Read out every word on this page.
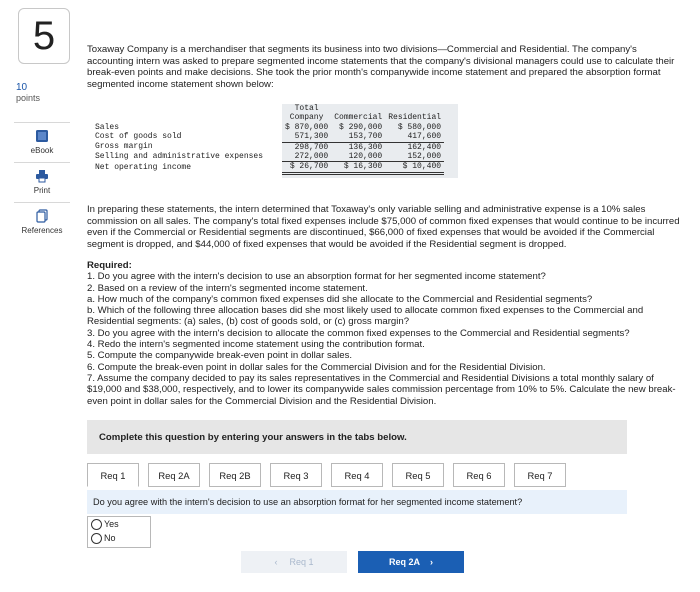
5
10
points
eBook
Print
References
Toxaway Company is a merchandiser that segments its business into two divisions—Commercial and Residential. The company's accounting intern was asked to prepare segmented income statements that the company's divisional managers could use to calculate their break-even points and make decisions. She took the prior month's companywide income statement and prepared the absorption format segmented income statement shown below:
	Total		
	Company	Commercial	Residential
Sales	$ 870,000	$ 290,000	$ 580,000
Cost of goods sold	571,300	153,700	417,600
Gross margin	298,700	136,300	162,400
Selling and administrative expenses	272,000	120,000	152,000
Net operating income	$ 26,700	$ 16,300	$ 10,400
In preparing these statements, the intern determined that Toxaway's only variable selling and administrative expense is a 10% sales commission on all sales. The company's total fixed expenses include $75,000 of common fixed expenses that would continue to be incurred even if the Commercial or Residential segments are discontinued, $66,000 of fixed expenses that would be avoided if the Commercial segment is dropped, and $44,000 of fixed expenses that would be avoided if the Residential segment is dropped.
Required:
1. Do you agree with the intern's decision to use an absorption format for her segmented income statement?
2. Based on a review of the intern's segmented income statement.
a. How much of the company's common fixed expenses did she allocate to the Commercial and Residential segments?
b. Which of the following three allocation bases did she most likely used to allocate common fixed expenses to the Commercial and Residential segments: (a) sales, (b) cost of goods sold, or (c) gross margin?
3. Do you agree with the intern's decision to allocate the common fixed expenses to the Commercial and Residential segments?
4. Redo the intern's segmented income statement using the contribution format.
5. Compute the companywide break-even point in dollar sales.
6. Compute the break-even point in dollar sales for the Commercial Division and for the Residential Division.
7. Assume the company decided to pay its sales representatives in the Commercial and Residential Divisions a total monthly salary of $19,000 and $38,000, respectively, and to lower its companywide sales commission percentage from 10% to 5%. Calculate the new break-even point in dollar sales for the Commercial Division and the Residential Division.
Complete this question by entering your answers in the tabs below.
Req 1	Req 2A	Req 2B	Req 3	Req 4	Req 5	Req 6	Req 7
Do you agree with the intern's decision to use an absorption format for her segmented income statement?
Yes
No
‹ Req 1	Req 2A ›
